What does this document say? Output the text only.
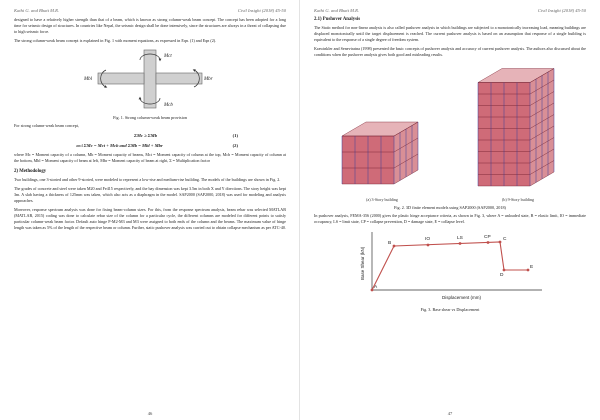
Kathi G. and Bhatt M.R.	Civil Insight (2018) 45-50

designed to have a relatively higher strength than that of a beam, which is known as strong column-weak beam concept. The concept has been adopted for a long time for seismic design of structures. In countries like Nepal, the seismic design shall be done intensively, since the structures are always in a threat of collapsing due to high seismic force.

The strong column-weak beam concept is explained in Fig. 1 with moment equations, as expressed in Eqn. (1) and Eqn (2).

Mct
Mcb
Mbl	Mbr
Fig. 1. Strong column-weak beam provision

For strong column-weak beam concept,

ΣMc ≥ ΣMb	(1)
and ΣMc = Mct + Mcb and ΣMb = Mbl + Mbr	(2)

where Mc = Moment capacity of a column, Mb = Moment capacity of beams, Mct = Moment capacity of column at the top, Mcb = Moment capacity of column at the bottom, Mbl = Moment capacity of beam at left, Mbr = Moment capacity of beam at right, Σ = Multiplication factor

2) Methodology

Two buildings, one 3-storied and other 9-storied, were modeled to represent a low-rise and medium-rise building. The models of the buildings are shown in Fig. 2.

The grades of concrete and steel were taken M20 and Fe415 respectively, and the bay dimension was kept 3.5m in both X and Y directions. The story height was kept 3m. A slab having a thickness of 125mm was taken, which also acts as a diaphragm in the model. SAP2000 (SAP2000, 2018) was used for modeling and analysis approaches.

Moreover, response spectrum analysis was done for fixing beam-column sizes. For this, from the response spectrum analysis, beam rebar was selected MATLAB (MATLAB, 2015) coding was done to calculate rebar size of the column for a particular cycle, the different columns are modeled for different points to satisfy particular column-weak beam factor. Default auto hinge P-M2-M3 and M3 were assigned to both ends of the column and the beams. The maximum value of hinge length was taken as 5% of the length of the respective beam or column. Further, static pushover analysis was carried out to obtain collapse mechanism as per ATC-40.

46
Kathi G. and Bhatt M.R.	Civil Insight (2018) 45-50
2.1) Pushover Analysis

The Static method for non-linear analysis is also called pushover analysis in which buildings are subjected to a monotonically increasing load, meaning buildings are displaced monotonically until the target displacement is reached. The current pushover analysis is based on an assumption that response of a single building is equivalent to the response of a single degree of freedom system.

Krawinkler and Seneviratna (1998) presented the basic concepts of pushover analysis and accuracy of current pushover analysis. The authors also discussed about the conditions when the pushover analysis gives both good and misleading results.

(a) 3-Story building	(b) 9-Story building
Fig. 2. 3D finite element models using SAP2000 (SAP2000, 2018)

In pushover analysis, FEMA-356 (2000) gives the plastic hinge acceptance criteria, as shown in Fig. 3, where A = unloaded state, B = elastic limit, IO = immediate occupancy, LS = limit state, CP = collapse prevention, D = damage state, E = collapse level.

Base Shear (kN)
Displacement (mm)
A
B
IO	LS	CP	C
D
E
Fig. 3. Base shear vs Displacement
47
